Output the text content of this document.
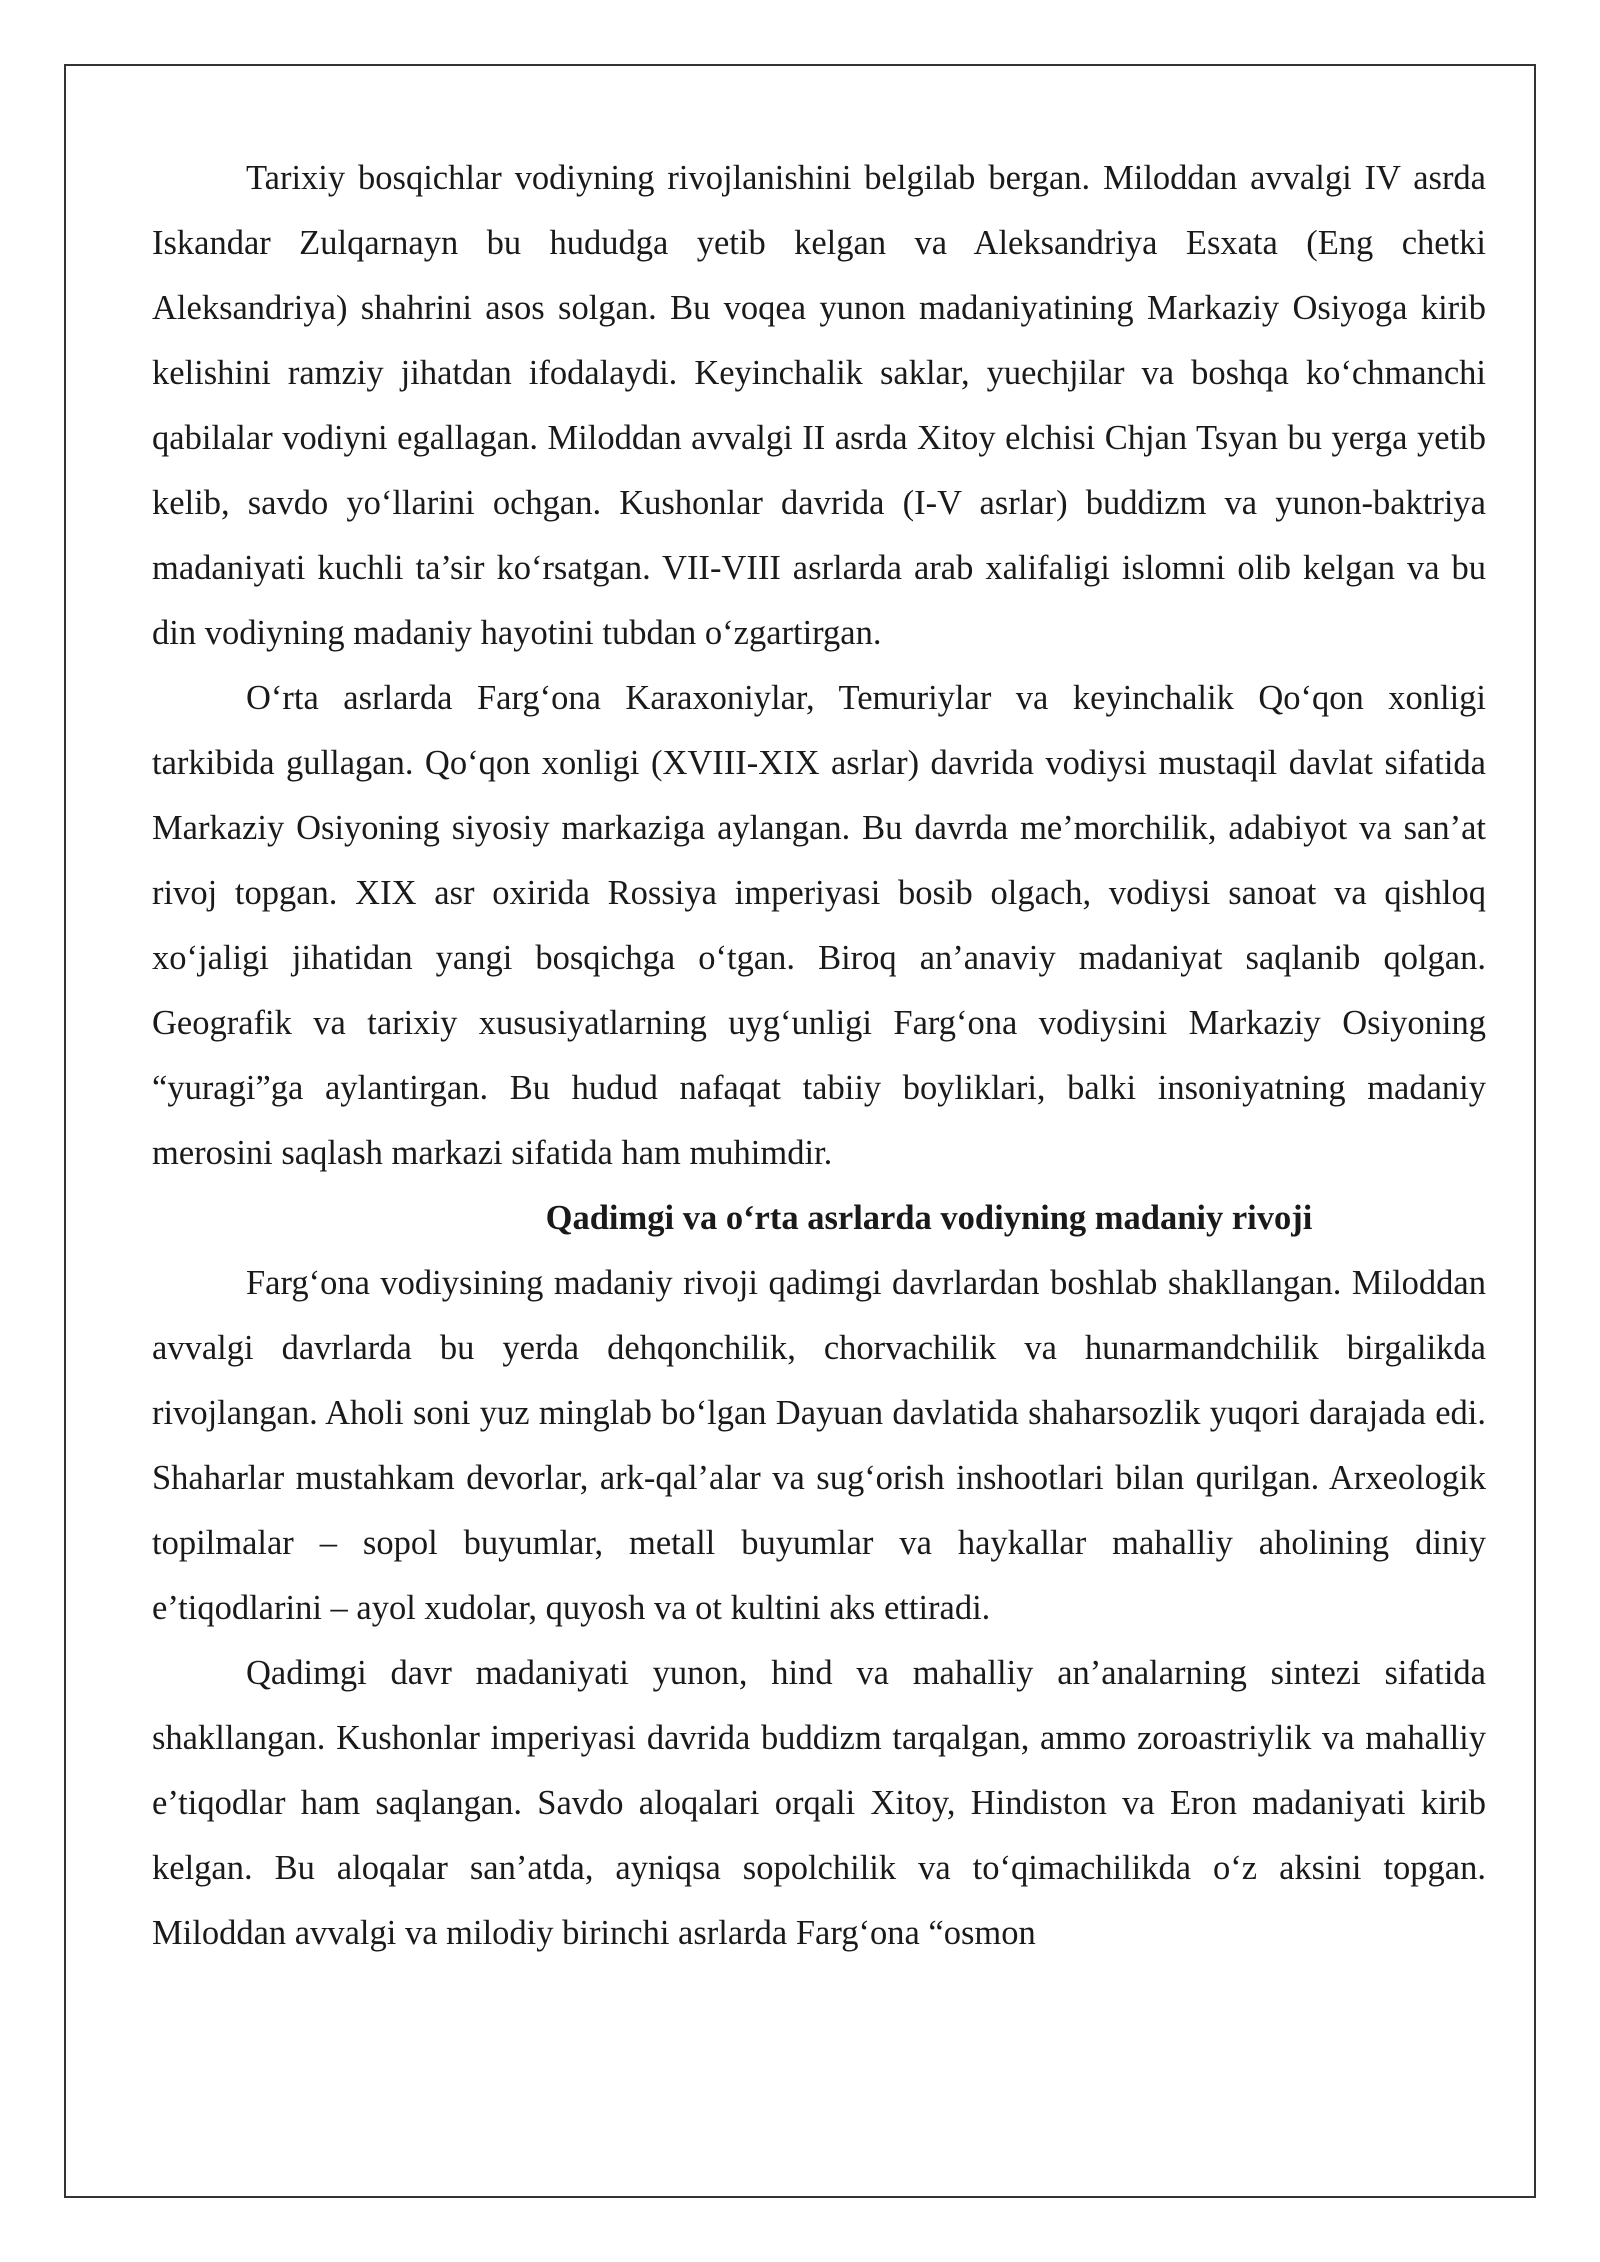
Tarixiy bosqichlar vodiyning rivojlanishini belgilab bergan. Miloddan avvalgi IV asrda Iskandar Zulqarnayn bu hududga yetib kelgan va Aleksandriya Esxata (Eng chetki Aleksandriya) shahrini asos solgan. Bu voqea yunon madaniyatining Markaziy Osiyoga kirib kelishini ramziy jihatdan ifodalaydi. Keyinchalik saklar, yuechjilar va boshqa koʻchmanchi qabilalar vodiyni egallagan. Miloddan avvalgi II asrda Xitoy elchisi Chjan Tsyan bu yerga yetib kelib, savdo yoʻllarini ochgan. Kushonlar davrida (I-V asrlar) buddizm va yunon-baktriya madaniyati kuchli ta’sir koʻrsatgan. VII-VIII asrlarda arab xalifaligi islomni olib kelgan va bu din vodiyning madaniy hayotini tubdan oʻzgartirgan.

Oʻrta asrlarda Fargʻona Karaxoniylar, Temuriylar va keyinchalik Qoʻqon xonligi tarkibida gullagan. Qoʻqon xonligi (XVIII-XIX asrlar) davrida vodiysi mustaqil davlat sifatida Markaziy Osiyoning siyosiy markaziga aylangan. Bu davrda me’morchilik, adabiyot va san’at rivoj topgan. XIX asr oxirida Rossiya imperiyasi bosib olgach, vodiysi sanoat va qishloq xoʻjaligi jihatidan yangi bosqichga oʻtgan. Biroq an’anaviy madaniyat saqlanib qolgan. Geografik va tarixiy xususiyatlarning uygʻunligi Fargʻona vodiysini Markaziy Osiyoning “yuragi”ga aylantirgan. Bu hudud nafaqat tabiiy boyliklari, balki insoniyatning madaniy merosini saqlash markazi sifatida ham muhimdir.

Qadimgi va oʻrta asrlarda vodiyning madaniy rivoji

Fargʻona vodiysining madaniy rivoji qadimgi davrlardan boshlab shakllangan. Miloddan avvalgi davrlarda bu yerda dehqonchilik, chorvachilik va hunarmandchilik birgalikda rivojlangan. Aholi soni yuz minglab boʻlgan Dayuan davlatida shaharsozlik yuqori darajada edi. Shaharlar mustahkam devorlar, ark-qal’alar va sugʻorish inshootlari bilan qurilgan. Arxeologik topilmalar – sopol buyumlar, metall buyumlar va haykallar mahalliy aholining diniy e’tiqodlarini – ayol xudolar, quyosh va ot kultini aks ettiradi.

Qadimgi davr madaniyati yunon, hind va mahalliy an’analarning sintezi sifatida shakllangan. Kushonlar imperiyasi davrida buddizm tarqalgan, ammo zoroastriylik va mahalliy e’tiqodlar ham saqlangan. Savdo aloqalari orqali Xitoy, Hindiston va Eron madaniyati kirib kelgan. Bu aloqalar san’atda, ayniqsa sopolchilik va toʻqimachilikda oʻz aksini topgan. Miloddan avvalgi va milodiy birinchi asrlarda Fargʻona “osmon
